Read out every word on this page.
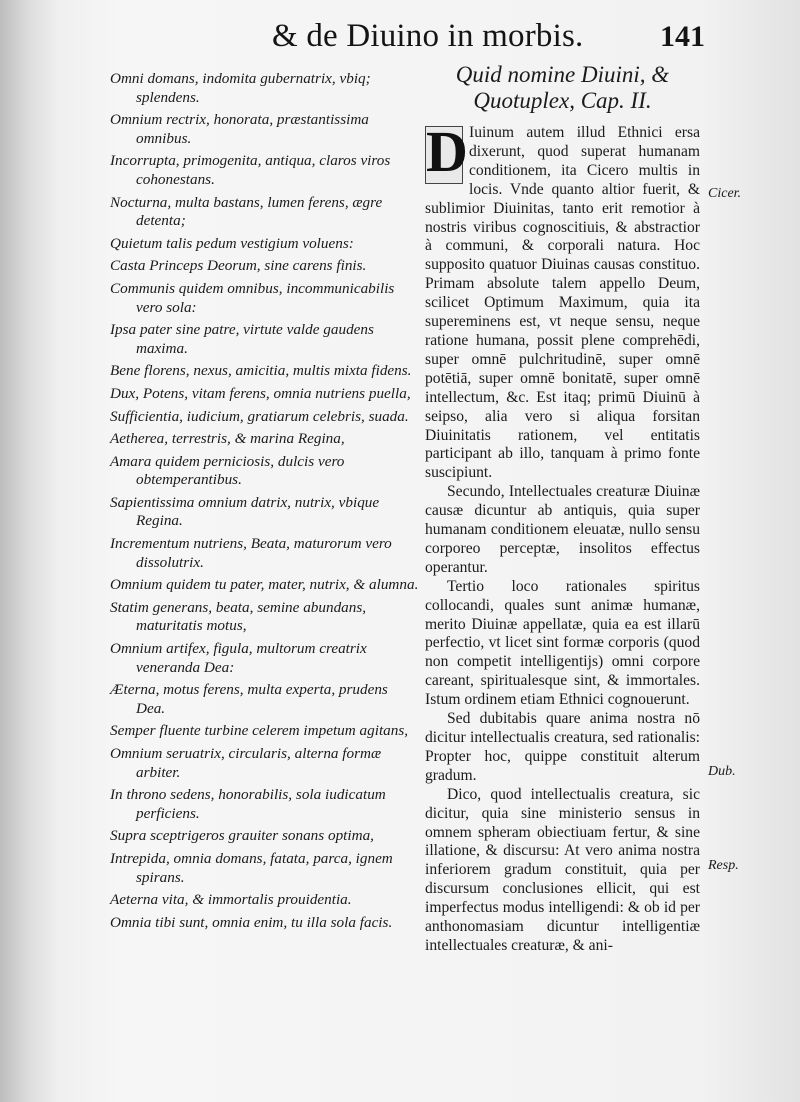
& de Diuino in morbis.	141

Omni domans, indomita gubernatrix, vbiq; splendens.

Omnium rectrix, honorata, præstantissima omnibus.

Incorrupta, primogenita, antiqua, claros viros cohonestans.

Nocturna, multa bastans, lumen ferens, ægre detenta;

Quietum talis pedum vestigium voluens:

Casta Princeps Deorum, sine carens finis.

Communis quidem omnibus, incommunicabilis vero sola:

Ipsa pater sine patre, virtute valde gaudens maxima.

Bene florens, nexus, amicitia, multis mixta fidens.

Dux, Potens, vitam ferens, omnia nutriens puella,

Sufficientia, iudicium, gratiarum celebris, suada.

Aetherea, terrestris, & marina Regina,

Amara quidem perniciosis, dulcis vero obtemperantibus.

Sapientissima omnium datrix, nutrix, vbique Regina.

Incrementum nutriens, Beata, maturorum vero dissolutrix.

Omnium quidem tu pater, mater, nutrix, & alumna.

Statim generans, beata, semine abundans, maturitatis motus,

Omnium artifex, figula, multorum creatrix veneranda Dea:

Æterna, motus ferens, multa experta, prudens Dea.

Semper fluente turbine celerem impetum agitans,

Omnium seruatrix, circularis, alterna formæ arbiter.

In throno sedens, honorabilis, sola iudicatum perficiens.

Supra sceptrigeros grauiter sonans optima,

Intrepida, omnia domans, fatata, parca, ignem spirans.

Aeterna vita, & immortalis prouidentia.

Omnia tibi sunt, omnia enim, tu illa sola facis.

Quid nomine Diuini, & Quotuplex, Cap. II.

D Iuinum autem illud Ethnici ersa dixerunt, quod superat humanam conditionem, ita Cicero multis in locis. Vnde quanto altior fuerit, & sublimior Diuinitas, tanto erit remotior à nostris viribus cognoscitiuis, & abstractior à communi, & corporali natura. Hoc supposito quatuor Diuinas causas constituo. Primam absolute talem appello Deum, scilicet Optimum Maximum, quia ita supereminens est, vt neque sensu, neque ratione humana, possit plene comprehēdi, super omnē pulchritudinē, super omnē potētiā, super omnē bonitatē, super omnē intellectum, &c. Est itaq; primū Diuinū à seipso, alia vero si aliqua forsitan Diuinitatis rationem, vel entitatis participant ab illo, tanquam à primo fonte suscipiunt.

Secundo, Intellectuales creaturæ Diuinæ causæ dicuntur ab antiquis, quia super humanam conditionem eleuatæ, nullo sensu corporeo perceptæ, insolitos effectus operantur.

Tertio loco rationales spiritus collocandi, quales sunt animæ humanæ, merito Diuinæ appellatæ, quia ea est illarū perfectio, vt licet sint formæ corporis (quod non competit intelligentijs) omni corpore careant, spiritualesque sint, & immortales. Istum ordinem etiam Ethnici cognouerunt.

Sed dubitabis quare anima nostra nō dicitur intellectualis creatura, sed rationalis: Propter hoc, quippe constituit alterum gradum.

Dico, quod intellectualis creatura, sic dicitur, quia sine ministerio sensus in omnem spheram obiectiuam fertur, & sine illatione, & discursu: At vero anima nostra inferiorem gradum constituit, quia per discursum conclusiones ellicit, qui est imperfectus modus intelligendi: & ob id per anthonomasiam dicuntur intelligentiæ intellectuales creaturæ, & ani-

Cicer.
Dub.
Resp.
